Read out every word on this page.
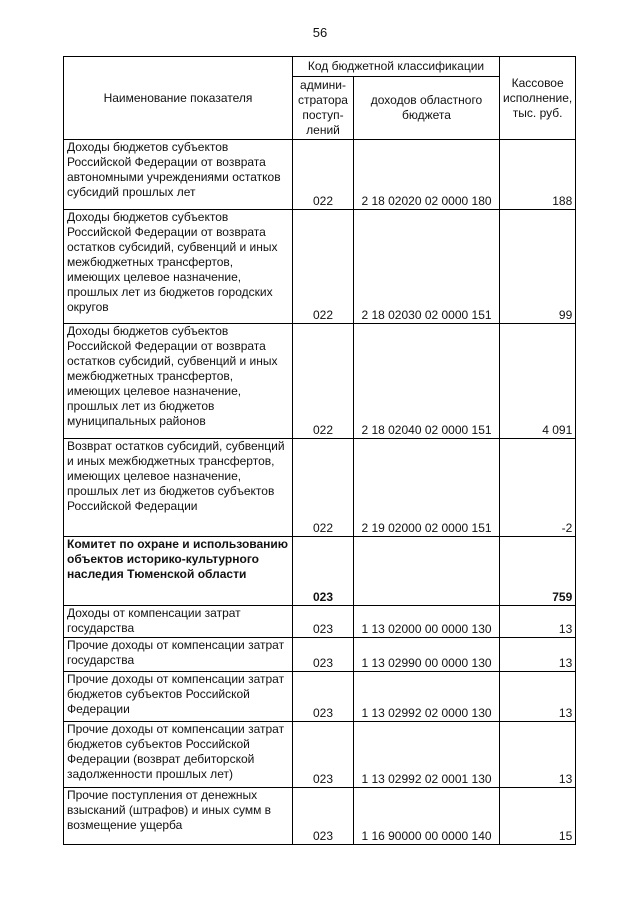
56
Наименование показателя	Код бюджетной классификации		Кассовое исполнение, тыс. руб.
	админи-стратора поступ-лений	доходов областного бюджета	
Доходы бюджетов субъектов Российской Федерации от возврата автономными учреждениями остатков субсидий прошлых лет	022	2 18 02020 02 0000 180	188
Доходы бюджетов субъектов Российской Федерации от возврата остатков субсидий, субвенций и иных межбюджетных трансфертов, имеющих целевое назначение, прошлых лет из бюджетов городских округов	022	2 18 02030 02 0000 151	99
Доходы бюджетов субъектов Российской Федерации от возврата остатков субсидий, субвенций и иных межбюджетных трансфертов, имеющих целевое назначение, прошлых лет из бюджетов муниципальных районов	022	2 18 02040 02 0000 151	4 091
Возврат остатков субсидий, субвенций и иных межбюджетных трансфертов, имеющих целевое назначение, прошлых лет из бюджетов субъектов Российской Федерации	022	2 19 02000 02 0000 151	-2
Комитет по охране и использованию объектов историко-культурного наследия Тюменской области	023		759
Доходы от компенсации затрат государства	023	1 13 02000 00 0000 130	13
Прочие доходы от компенсации затрат государства	023	1 13 02990 00 0000 130	13
Прочие доходы от компенсации затрат бюджетов субъектов Российской Федерации	023	1 13 02992 02 0000 130	13
Прочие доходы от компенсации затрат бюджетов субъектов Российской Федерации (возврат дебиторской задолженности прошлых лет)	023	1 13 02992 02 0001 130	13
Прочие поступления от денежных взысканий (штрафов) и иных сумм в возмещение ущерба	023	1 16 90000 00 0000 140	15
